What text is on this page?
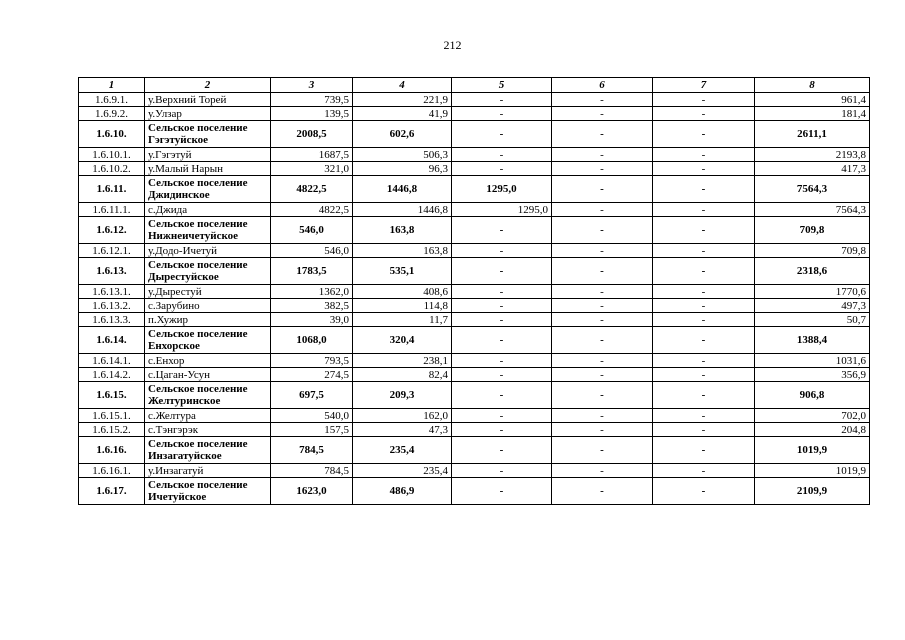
212
1	2	3	4	5	6	7	8
1.6.9.1.	у.Верхний Торей	739,5	221,9	-	-	-	961,4
1.6.9.2.	у.Улзар	139,5	41,9	-	-	-	181,4
1.6.10.	Сельское поселение Гэгэтуйское	2008,5	602,6	-	-	-	2611,1
1.6.10.1.	у.Гэгэтуй	1687,5	506,3	-	-	-	2193,8
1.6.10.2.	у.Малый Нарын	321,0	96,3	-	-	-	417,3
1.6.11.	Сельское поселение Джидинское	4822,5	1446,8	1295,0	-	-	7564,3
1.6.11.1.	с.Джида	4822,5	1446,8	1295,0	-	-	7564,3
1.6.12.	Сельское поселение Нижнеичетуйское	546,0	163,8	-	-	-	709,8
1.6.12.1.	у.Додо-Ичетуй	546,0	163,8	-	-	-	709,8
1.6.13.	Сельское поселение Дырестуйское	1783,5	535,1	-	-	-	2318,6
1.6.13.1.	у.Дырестуй	1362,0	408,6	-	-	-	1770,6
1.6.13.2.	с.Зарубино	382,5	114,8	-	-	-	497,3
1.6.13.3.	п.Хужир	39,0	11,7	-	-	-	50,7
1.6.14.	Сельское поселение Енхорское	1068,0	320,4	-	-	-	1388,4
1.6.14.1.	с.Енхор	793,5	238,1	-	-	-	1031,6
1.6.14.2.	с.Цаган-Усун	274,5	82,4	-	-	-	356,9
1.6.15.	Сельское поселение Желтуринское	697,5	209,3	-	-	-	906,8
1.6.15.1.	с.Желтура	540,0	162,0	-	-	-	702,0
1.6.15.2.	с.Тэнгэрэк	157,5	47,3	-	-	-	204,8
1.6.16.	Сельское поселение Инзагатуйское	784,5	235,4	-	-	-	1019,9
1.6.16.1.	у.Инзагатуй	784,5	235,4	-	-	-	1019,9
1.6.17.	Сельское поселение Ичетуйское	1623,0	486,9	-	-	-	2109,9
